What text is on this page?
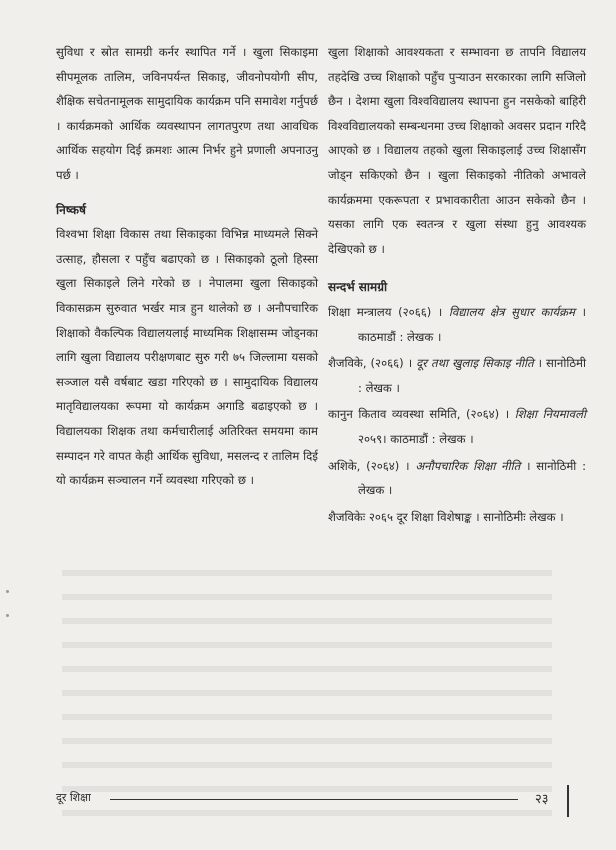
सुविधा र स्रोत सामग्री कर्नर स्थापित गर्ने । खुला सिकाइमा सीपमूलक तालिम, जविनपर्यन्त सिकाइ, जीवनोपयोगी सीप, शैक्षिक सचेतनामूलक सामुदायिक कार्यक्रम पनि समावेश गर्नुपर्छ । कार्यक्रमको आर्थिक व्यवस्थापन लागतपुरण तथा आवधिक आर्थिक सहयोग दिई क्रमशः आत्म निर्भर हुने प्रणाली अपनाउनु पर्छ ।

निष्कर्ष

विश्वभा शिक्षा विकास तथा सिकाइका विभिन्न माध्यमले सिक्ने उत्साह, हौसला र पहुँच बढाएको छ । सिकाइको ठूलो हिस्सा खुला सिकाइले लिने गरेको छ । नेपालमा खुला सिकाइको विकासक्रम सुरुवात भर्खर मात्र हुन थालेको छ । अनौपचारिक शिक्षाको वैकल्पिक विद्यालयलाई माध्यमिक शिक्षासम्म जोड्नका लागि खुला विद्यालय परीक्षणबाट सुरु गरी ७५ जिल्लामा यसको सञ्जाल यसै वर्षबाट खडा गरिएको छ । सामुदायिक विद्यालय मातृविद्यालयका रूपमा यो कार्यक्रम अगाडि बढाइएको छ । विद्यालयका शिक्षक तथा कर्मचारीलाई अतिरिक्त समयमा काम सम्पादन गरे वापत केही आर्थिक सुविधा, मसलन्द र तालिम दिई यो कार्यक्रम सञ्चालन गर्ने व्यवस्था गरिएको छ ।

खुला शिक्षाको आवश्यकता र सम्भावना छ तापनि विद्यालय तहदेखि उच्च शिक्षाको पहुँच पुऱ्याउन सरकारका लागि सजिलो छैन । देशमा खुला विश्वविद्यालय स्थापना हुन नसकेको बाहिरी विश्वविद्यालयको सम्बन्धनमा उच्च शिक्षाको अवसर प्रदान गरिदै आएको छ । विद्यालय तहको खुला सिकाइलाई उच्च शिक्षासँग जोड्न सकिएको छैन । खुला सिकाइको नीतिको अभावले कार्यक्रममा एकरूपता र प्रभावकारीता आउन सकेको छैन । यसका लागि एक स्वतन्त्र र खुला संस्था हुनु आवश्यक देखिएको छ ।

सन्दर्भ सामग्री

शिक्षा मन्त्रालय (२०६६) । विद्यालय क्षेत्र सुधार कार्यक्रम । काठमाडौं : लेखक ।

शैजविके, (२०६६) । दूर तथा खुलाइ सिकाइ नीति । सानोठिमी : लेखक ।

कानुन किताव व्यवस्था समिति, (२०६४) । शिक्षा नियमावली २०५९। काठमाडौं : लेखक ।

अशिके, (२०६४) । अनौपचारिक शिक्षा नीति । सानोठिमी : लेखक ।

शैजविकेः २०६५ दूर शिक्षा विशेषाङ्क । सानोठिमीः लेखक ।

दूर शिक्षा	२३
